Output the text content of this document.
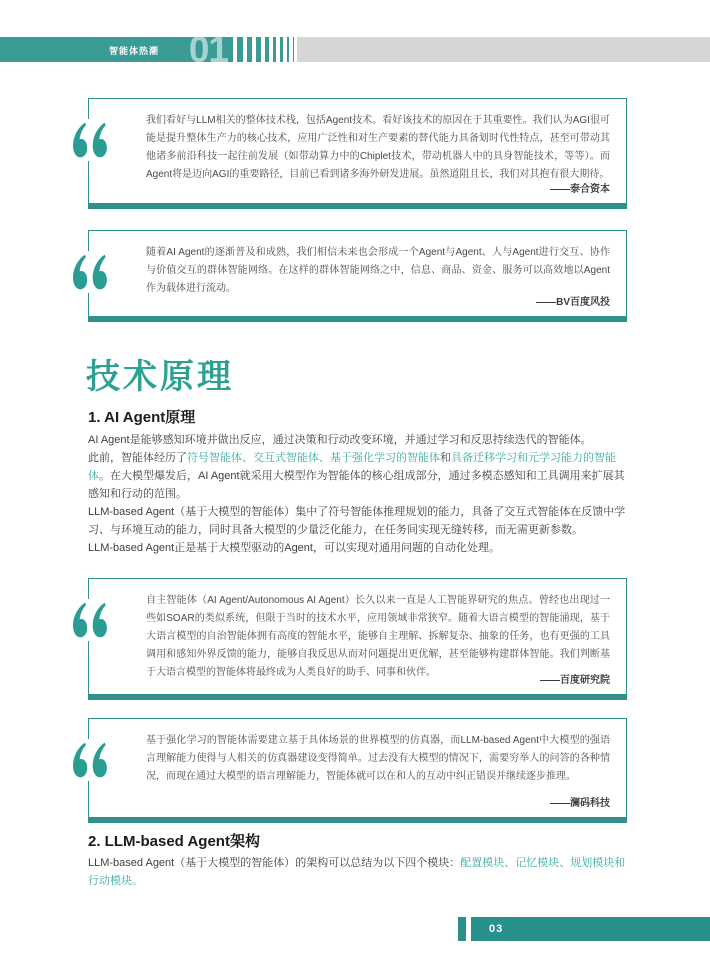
智能体热潮 01

我们看好与LLM相关的整体技术栈，包括Agent技术。看好该技术的原因在于其重要性。我们认为AGI很可能是提升整体生产力的核心技术，应用广泛性和对生产要素的替代能力具备划时代性特点，甚至可带动其他诸多前沿科技一起往前发展（如带动算力中的Chiplet技术，带动机器人中的具身智能技术，等等）。而Agent将是迈向AGI的重要路径，目前已看到诸多海外研发进展。虽然道阻且长，我们对其抱有很大期待。

——泰合资本

随着AI Agent的逐渐普及和成熟，我们相信未来也会形成一个Agent与Agent、人与Agent进行交互、协作与价值交互的群体智能网络。在这样的群体智能网络之中，信息、商品、资金、服务可以高效地以Agent作为载体进行流动。

——BV百度风投
技术原理
1. AI Agent原理

AI Agent是能够感知环境并做出反应，通过决策和行动改变环境，并通过学习和反思持续迭代的智能体。

此前，智能体经历了符号智能体、交互式智能体、基于强化学习的智能体和具备迁移学习和元学习能力的智能体。在大模型爆发后，AI Agent就采用大模型作为智能体的核心组成部分，通过多模态感知和工具调用来扩展其感知和行动的范围。

LLM-based Agent（基于大模型的智能体）集中了符号智能体推理规划的能力，具备了交互式智能体在反馈中学习、与环境互动的能力，同时具备大模型的少量泛化能力，在任务间实现无缝转移，而无需更新参数。

LLM-based Agent正是基于大模型驱动的Agent，可以实现对通用问题的自动化处理。

自主智能体（AI Agent/Autonomous AI Agent）长久以来一直是人工智能界研究的焦点。曾经也出现过一些如SOAR的类似系统，但限于当时的技术水平，应用领域非常狭窄。随着大语言模型的智能涌现，基于大语言模型的自治智能体拥有高度的智能水平，能够自主理解、拆解复杂、抽象的任务，也有更强的工具调用和感知外界反馈的能力，能够自我反思从而对问题提出更优解，甚至能够构建群体智能。我们判断基于大语言模型的智能体将最终成为人类良好的助手、同事和伙伴。

——百度研究院

基于强化学习的智能体需要建立基于具体场景的世界模型的仿真器，而LLM-based Agent中大模型的强语言理解能力使得与人相关的仿真器建设变得简单。过去没有大模型的情况下，需要穷举人的问答的各种情况，而现在通过大模型的语言理解能力，智能体就可以在和人的互动中纠正错误并继续逐步推理。

——澜码科技
2. LLM-based Agent架构

LLM-based Agent（基于大模型的智能体）的架构可以总结为以下四个模块：配置模块、记忆模块、规划模块和行动模块。

03
